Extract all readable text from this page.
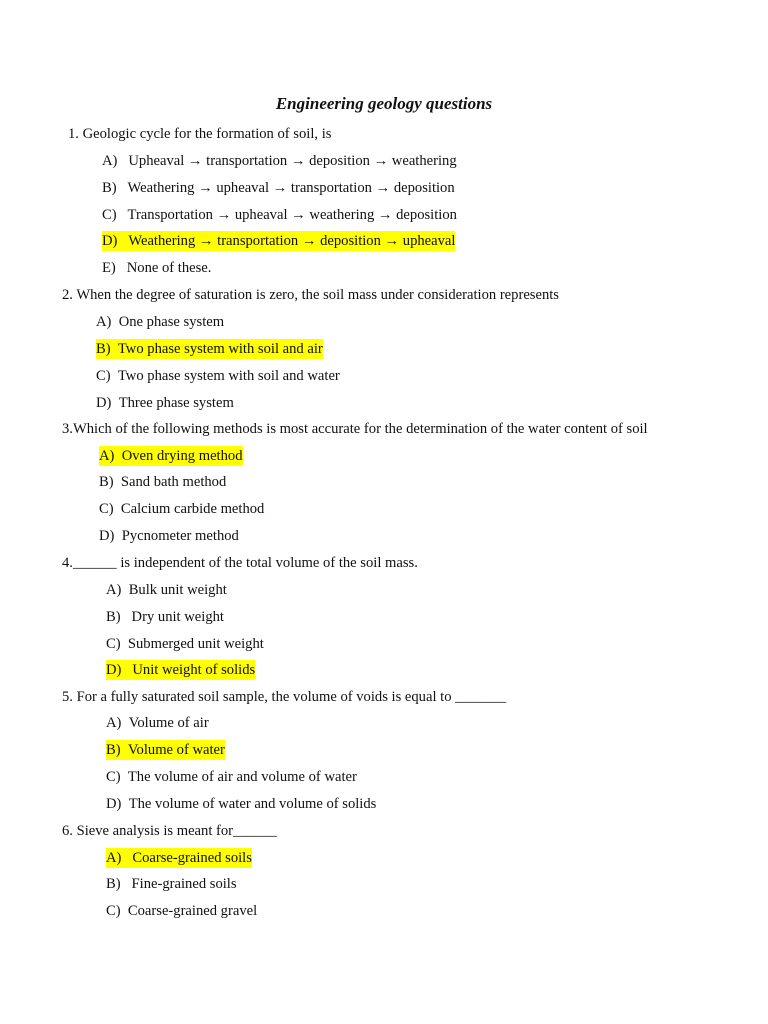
Engineering geology questions
1. Geologic cycle for the formation of soil, is
A) Upheaval → transportation → deposition → weathering
B) Weathering → upheaval → transportation → deposition
C) Transportation → upheaval → weathering → deposition
D) Weathering → transportation → deposition → upheaval
E) None of these.
2. When the degree of saturation is zero, the soil mass under consideration represents
A) One phase system
B) Two phase system with soil and air
C) Two phase system with soil and water
D) Three phase system
3.Which of the following methods is most accurate for the determination of the water content of soil
A) Oven drying method
B) Sand bath method
C) Calcium carbide method
D) Pycnometer method
4.______ is independent of the total volume of the soil mass.
A) Bulk unit weight
B) Dry unit weight
C) Submerged unit weight
D) Unit weight of solids
5. For a fully saturated soil sample, the volume of voids is equal to _______
A) Volume of air
B) Volume of water
C) The volume of air and volume of water
D) The volume of water and volume of solids
6. Sieve analysis is meant for______
A) Coarse-grained soils
B) Fine-grained soils
C) Coarse-grained gravel
